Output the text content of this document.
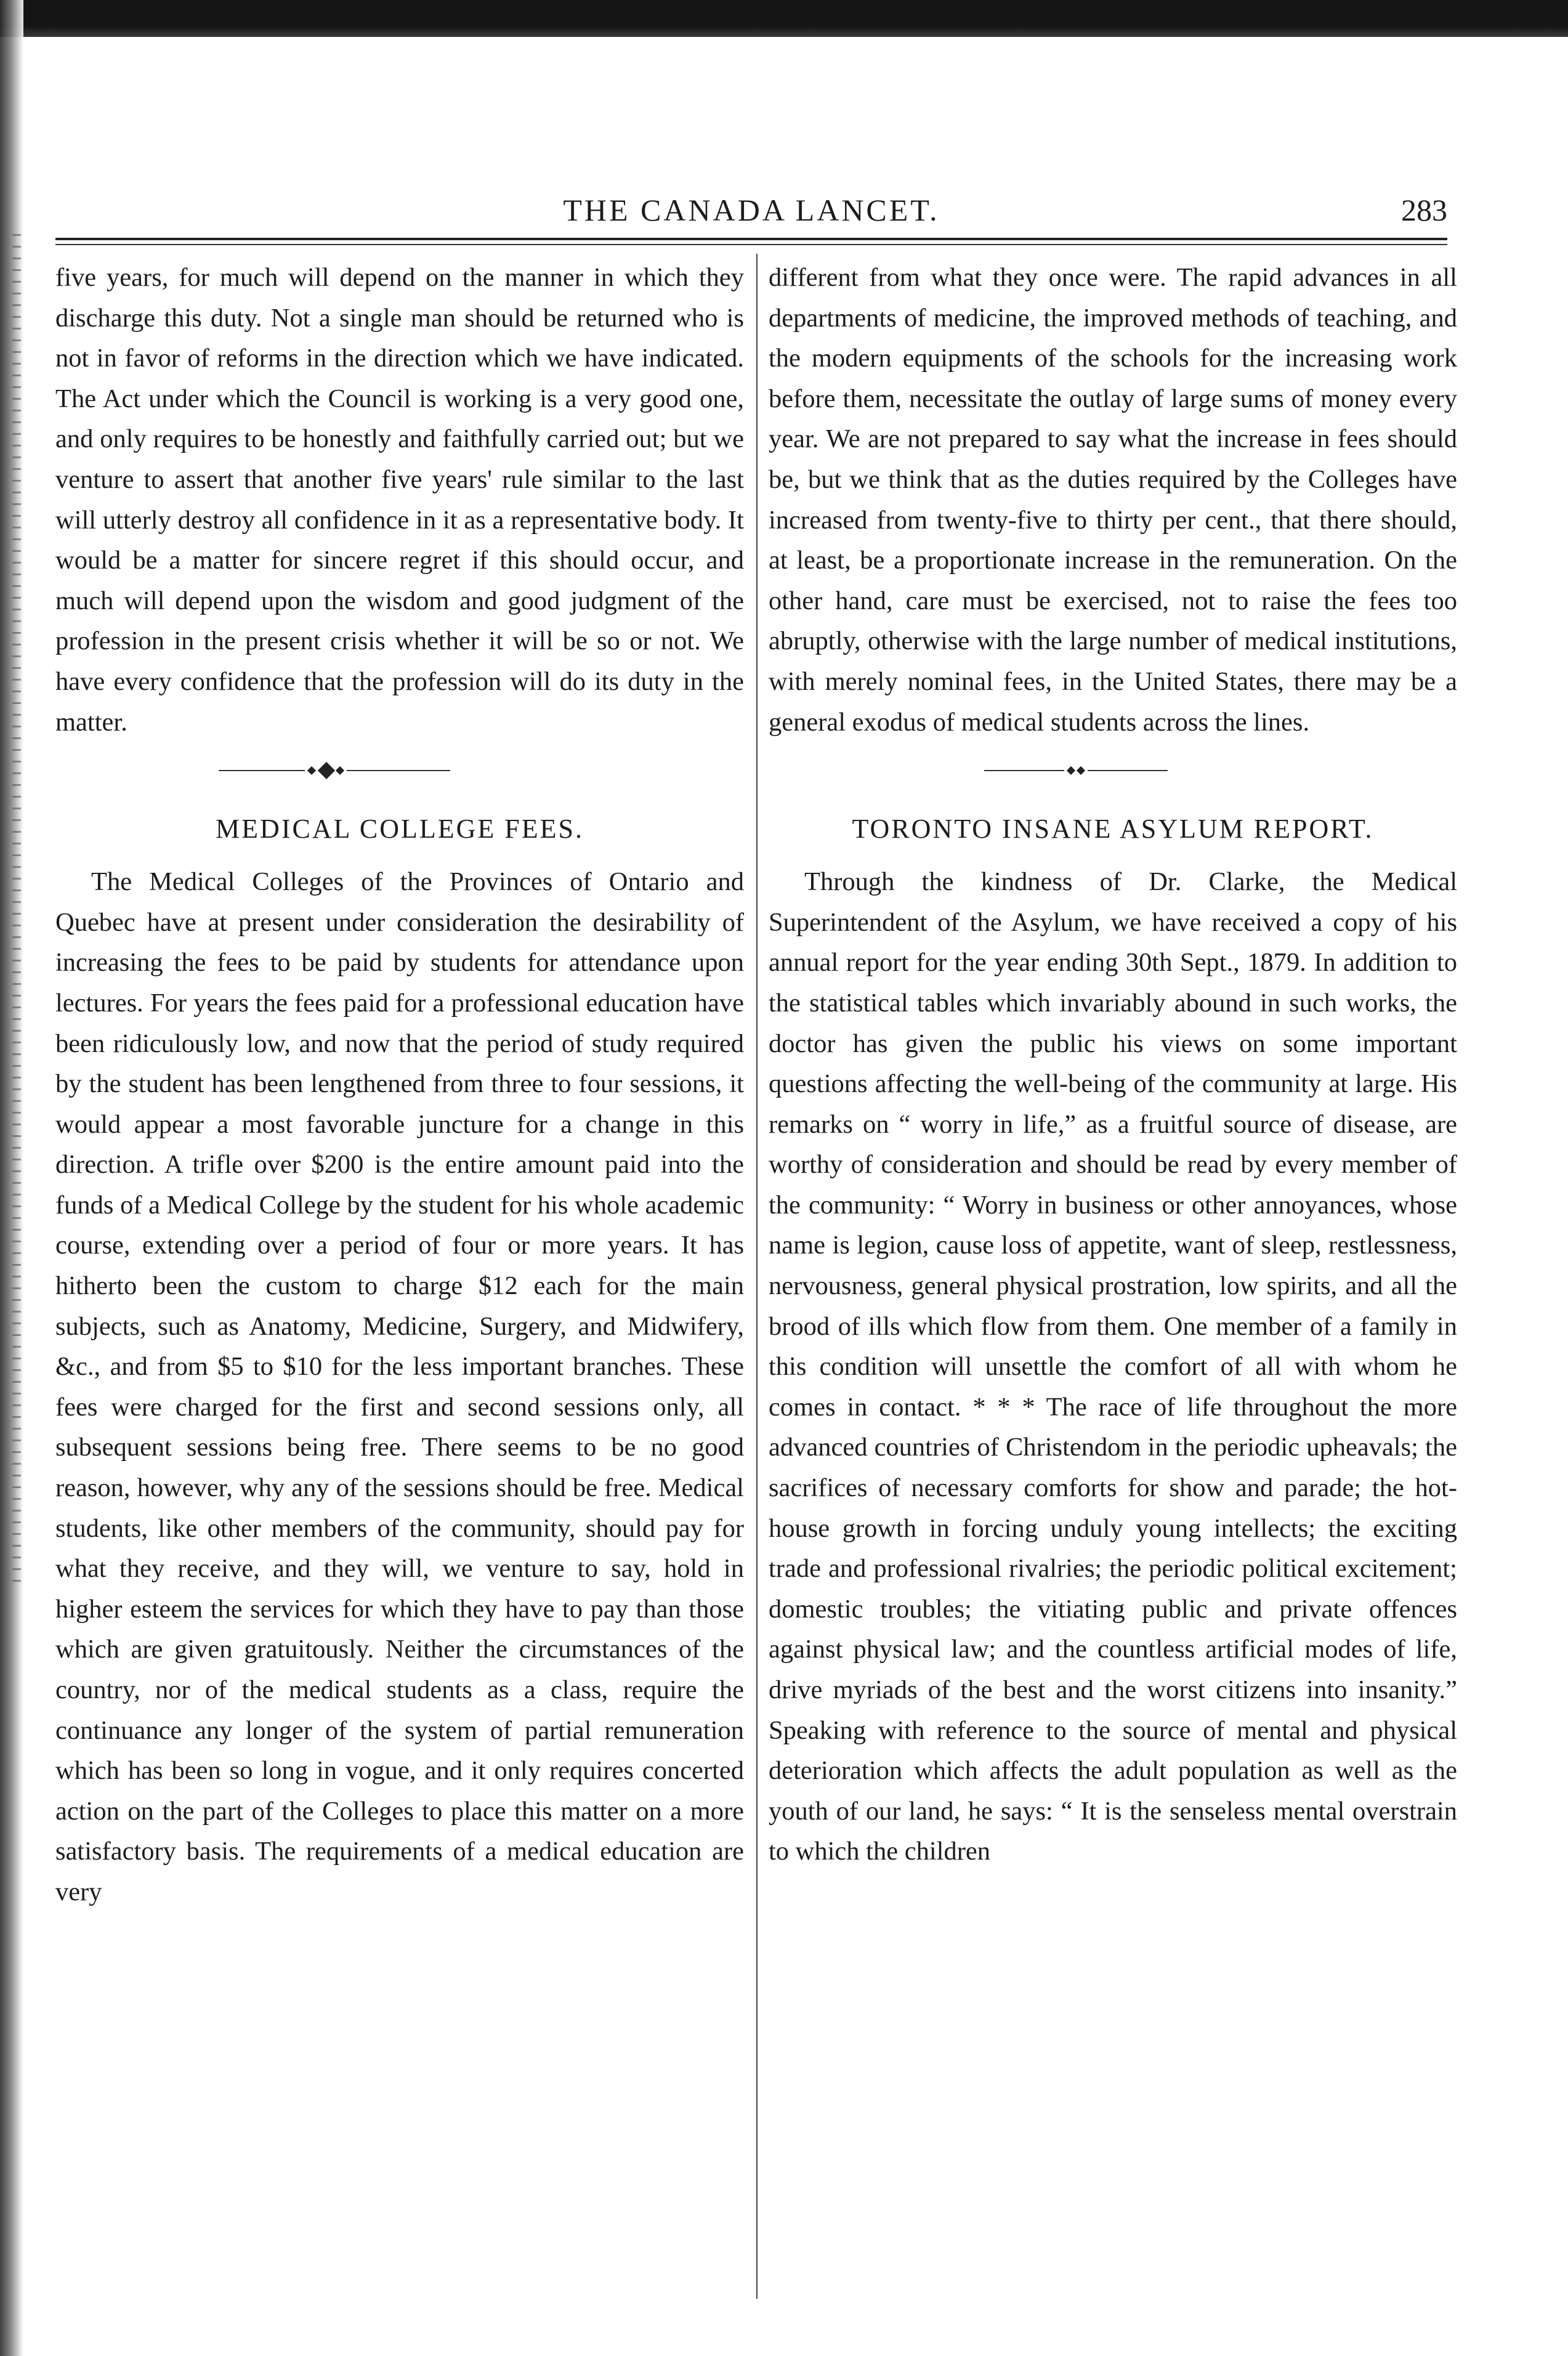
THE CANADA LANCET.	283

five years, for much will depend on the manner in which they discharge this duty. Not a single man should be returned who is not in favor of reforms in the direction which we have indicated. The Act under which the Council is working is a very good one, and only requires to be honestly and faithfully carried out; but we venture to assert that another five years' rule similar to the last will utterly destroy all confidence in it as a representative body. It would be a matter for sincere regret if this should occur, and much will depend upon the wisdom and good judgment of the profession in the present crisis whether it will be so or not. We have every confidence that the profession will do its duty in the matter.

MEDICAL COLLEGE FEES.

The Medical Colleges of the Provinces of Ontario and Quebec have at present under consideration the desirability of increasing the fees to be paid by students for attendance upon lectures. For years the fees paid for a professional education have been ridiculously low, and now that the period of study required by the student has been lengthened from three to four sessions, it would appear a most favorable juncture for a change in this direction. A trifle over $200 is the entire amount paid into the funds of a Medical College by the student for his whole academic course, extending over a period of four or more years. It has hitherto been the custom to charge $12 each for the main subjects, such as Anatomy, Medicine, Surgery, and Midwifery, &c., and from $5 to $10 for the less important branches. These fees were charged for the first and second sessions only, all subsequent sessions being free. There seems to be no good reason, however, why any of the sessions should be free. Medical students, like other members of the community, should pay for what they receive, and they will, we venture to say, hold in higher esteem the services for which they have to pay than those which are given gratuitously. Neither the circumstances of the country, nor of the medical students as a class, require the continuance any longer of the system of partial remuneration which has been so long in vogue, and it only requires concerted action on the part of the Colleges to place this matter on a more satisfactory basis. The requirements of a medical education are very

different from what they once were. The rapid advances in all departments of medicine, the improved methods of teaching, and the modern equipments of the schools for the increasing work before them, necessitate the outlay of large sums of money every year. We are not prepared to say what the increase in fees should be, but we think that as the duties required by the Colleges have increased from twenty-five to thirty per cent., that there should, at least, be a proportionate increase in the remuneration. On the other hand, care must be exercised, not to raise the fees too abruptly, otherwise with the large number of medical institutions, with merely nominal fees, in the United States, there may be a general exodus of medical students across the lines.

TORONTO INSANE ASYLUM REPORT.

Through the kindness of Dr. Clarke, the Medical Superintendent of the Asylum, we have received a copy of his annual report for the year ending 30th Sept., 1879. In addition to the statistical tables which invariably abound in such works, the doctor has given the public his views on some important questions affecting the well-being of the community at large. His remarks on “ worry in life,” as a fruitful source of disease, are worthy of consideration and should be read by every member of the community: “ Worry in business or other annoyances, whose name is legion, cause loss of appetite, want of sleep, restlessness, nervousness, general physical prostration, low spirits, and all the brood of ills which flow from them. One member of a family in this condition will unsettle the comfort of all with whom he comes in contact. * * * The race of life throughout the more advanced countries of Christendom in the periodic upheavals; the sacrifices of necessary comforts for show and parade; the hot-house growth in forcing unduly young intellects; the exciting trade and professional rivalries; the periodic political excitement; domestic troubles; the vitiating public and private offences against physical law; and the countless artificial modes of life, drive myriads of the best and the worst citizens into insanity.” Speaking with reference to the source of mental and physical deterioration which affects the adult population as well as the youth of our land, he says: “ It is the senseless mental overstrain to which the children
